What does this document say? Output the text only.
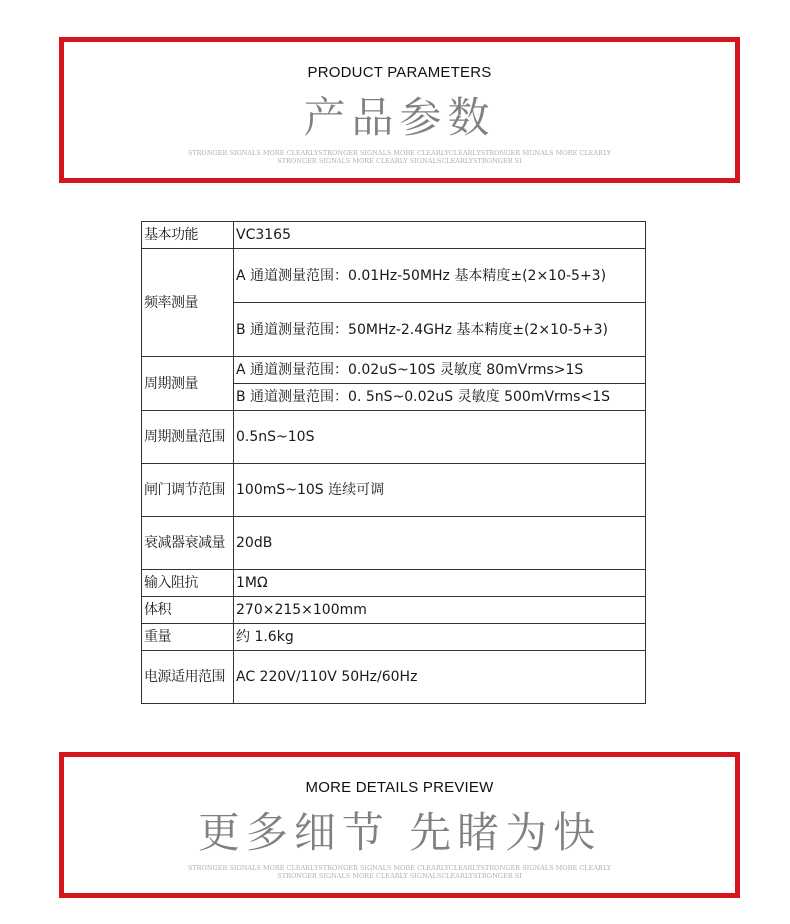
PRODUCT PARAMETERS
产品参数
STRONGER SIGNALS MORE CLEARLYSTRONGER SIGNALS MORE CLEARLYCLEARLYSTRONGER SIGNALS MORE CLEARLY STRONGER SIGNALS MORE CLEARLY SIGNALSCLEARLYSTRONGER SI
基本功能	VC3165
频率测量	A 通道测量范围：0.01Hz-50MHz 基本精度±(2×10-5+3)
	B 通道测量范围：50MHz-2.4GHz 基本精度±(2×10-5+3)
周期测量	A 通道测量范围：0.02uS~10S 灵敏度 80mVrms>1S
	B 通道测量范围：0. 5nS~0.02uS 灵敏度 500mVrms<1S
周期测量范围	0.5nS~10S
闸门调节范围	100mS~10S 连续可调
衰减器衰减量	20dB
输入阻抗	1MΩ
体积	270×215×100mm
重量	约 1.6kg
电源适用范围	AC 220V/110V 50Hz/60Hz
MORE DETAILS PREVIEW
更多细节 先睹为快
STRONGER SIGNALS MORE CLEARLYSTRONGER SIGNALS MORE CLEARLYCLEARLYSTRONGER SIGNALS MORE CLEARLY STRONGER SIGNALS MORE CLEARLY SIGNALSCLEARLYSTRONGER SI
